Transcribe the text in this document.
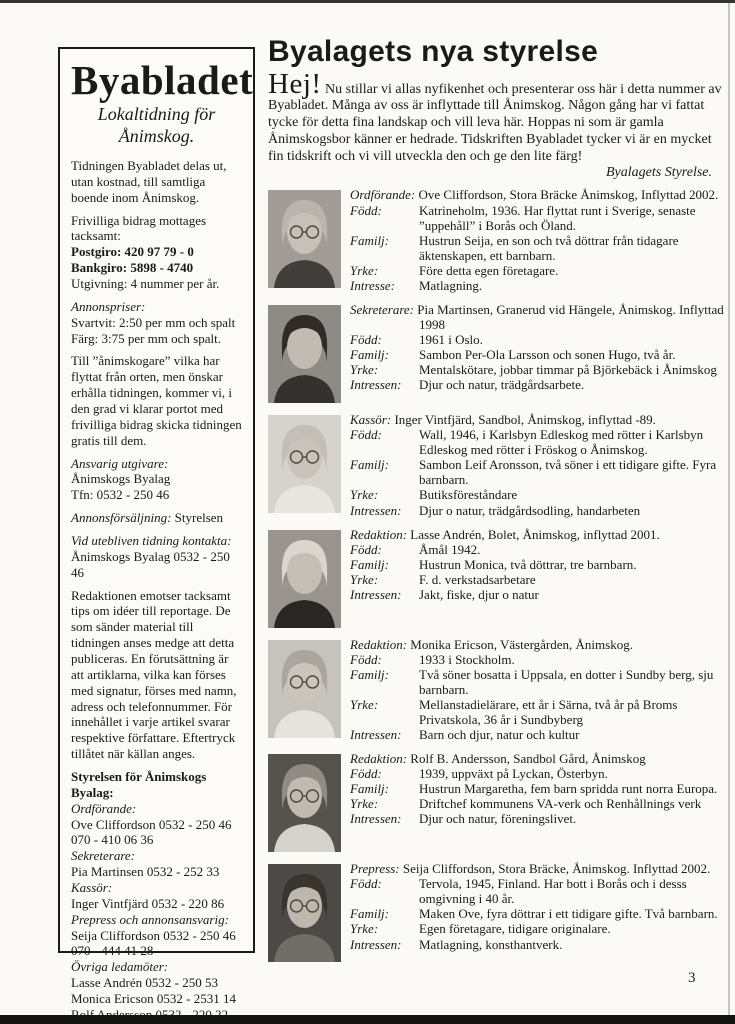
Byabladet
Lokaltidning för Ånimskog.

Tidningen Byabladet delas ut, utan kostnad, till samtliga boende inom Ånimskog.

Frivilliga bidrag mottages tacksamt:
Postgiro: 420 97 79 - 0
Bankgiro: 5898 - 4740
Utgivning: 4 nummer per år.

Annonspriser:
Svartvit: 2:50 per mm och spalt
Färg: 3:75 per mm och spalt.

Till ”ånimskogare” vilka har flyttat från orten, men önskar erhålla tidningen, kommer vi, i den grad vi klarar portot med frivilliga bidrag skicka tidningen gratis till dem.

Ansvarig utgivare:
Ånimskogs Byalag
Tfn: 0532 - 250 46

Annonsförsäljning: Styrelsen

Vid utebliven tidning kontakta:
Ånimskogs Byalag 0532 - 250 46

Redaktionen emotser tacksamt tips om idéer till reportage. De som sänder material till tidningen anses medge att detta publiceras. En förutsättning är att artiklarna, vilka kan förses med signatur, förses med namn, adress och telefonnummer. För innehållet i varje artikel svarar respektive författare. Eftertryck tillåtet när källan anges.

Styrelsen för Ånimskogs Byalag:
Ordförande:
Ove Cliffordson 0532 - 250 46
070 - 410 06 36
Sekreterare:
Pia Martinsen 0532 - 252 33
Kassör:
Inger Vintfjärd 0532 - 220 86
Prepress och annonsansvarig:
Seija Cliffordson 0532 - 250 46
070 - 444 41 28
Övriga ledamöter:
Lasse Andrén 0532 - 250 53
Monica Ericson 0532 - 2531 14

Byalagets nya styrelse

Hej! Nu stillar vi allas nyfikenhet och presenterar oss här i detta nummer av Byabladet. Många av oss är inflyttade till Ånimskog. Någon gång har vi fattat tycke för detta fina landskap och vill leva här. Hoppas ni som är gamla Ånimskogsbor känner er hedrade. Tidskriften Byabladet tycker vi är en mycket fin tidskrift och vi vill utveckla den och ge den lite färg!

Byalagets Styrelse.

Ordförande: Ove Cliffordson, Stora Bräcke Ånimskog, Inflyttad 2002.

Född:	Katrineholm, 1936. Har flyttat runt i Sverige, senaste ”uppehåll” i Borås och Öland.
Familj:	Hustrun Seija, en son och två döttrar från tidagare äktenskapen, ett barnbarn.
Yrke:	Före detta egen företagare.
Intresse:	Matlagning.

Sekreterare: Pia Martinsen, Granerud vid Hängele, Ånimskog. Inflyttad 1998

Född:	1961 i Oslo.
Familj:	Sambon Per-Ola Larsson och sonen Hugo, två år.
Yrke:	Mentalskötare, jobbar timmar på Björkebäck i Ånimskog
Intressen:	Djur och natur, trädgårdsarbete.

Kassör: Inger Vintfjärd, Sandbol, Ånimskog, inflyttad -89.

Född:	Wall, 1946, i Karlsbyn Edleskog med rötter i Karlsbyn Edleskog med rötter i Fröskog o Ånimskog.
Familj:	Sambon Leif Aronsson, två söner i ett tidigare gifte. Fyra barnbarn.
Yrke:	Butiksföreståndare
Intressen:	Djur o natur, trädgårdsodling, handarbeten

Redaktion: Lasse Andrén, Bolet, Ånimskog, inflyttad 2001.

Född:	Åmål 1942.
Familj:	Hustrun Monica, två döttrar, tre barnbarn.
Yrke:	F. d. verkstadsarbetare
Intressen:	Jakt, fiske, djur o natur

Redaktion: Monika Ericson, Västergården, Ånimskog.

Född:	1933 i Stockholm.
Familj:	Två söner bosatta i Uppsala, en dotter i Sundby berg, sju barnbarn.
Yrke:	Mellanstadielärare, ett år i Särna, två år på Broms Privatskola, 36 år i Sundbyberg
Intressen:	Barn och djur, natur och kultur

Redaktion: Rolf B. Andersson, Sandbol Gård, Ånimskog

Född:	1939, uppväxt på Lyckan, Österbyn.
Familj:	Hustrun Margaretha, fem barn spridda runt norra Europa.
Yrke:	Driftchef kommunens VA-verk och Renhållnings verk
Intressen:	Djur och natur, föreningslivet.

Prepress: Seija Cliffordson, Stora Bräcke, Ånimskog. Inflyttad 2002.

Född:	Tervola, 1945, Finland. Har bott i Borås och i desss omgivning i 40 år.
Familj:	Maken Ove, fyra döttrar i ett tidigare gifte. Två barnbarn.
Yrke:	Egen företagare, tidigare originalare.
Intressen:	Matlagning, konsthantverk.
3
